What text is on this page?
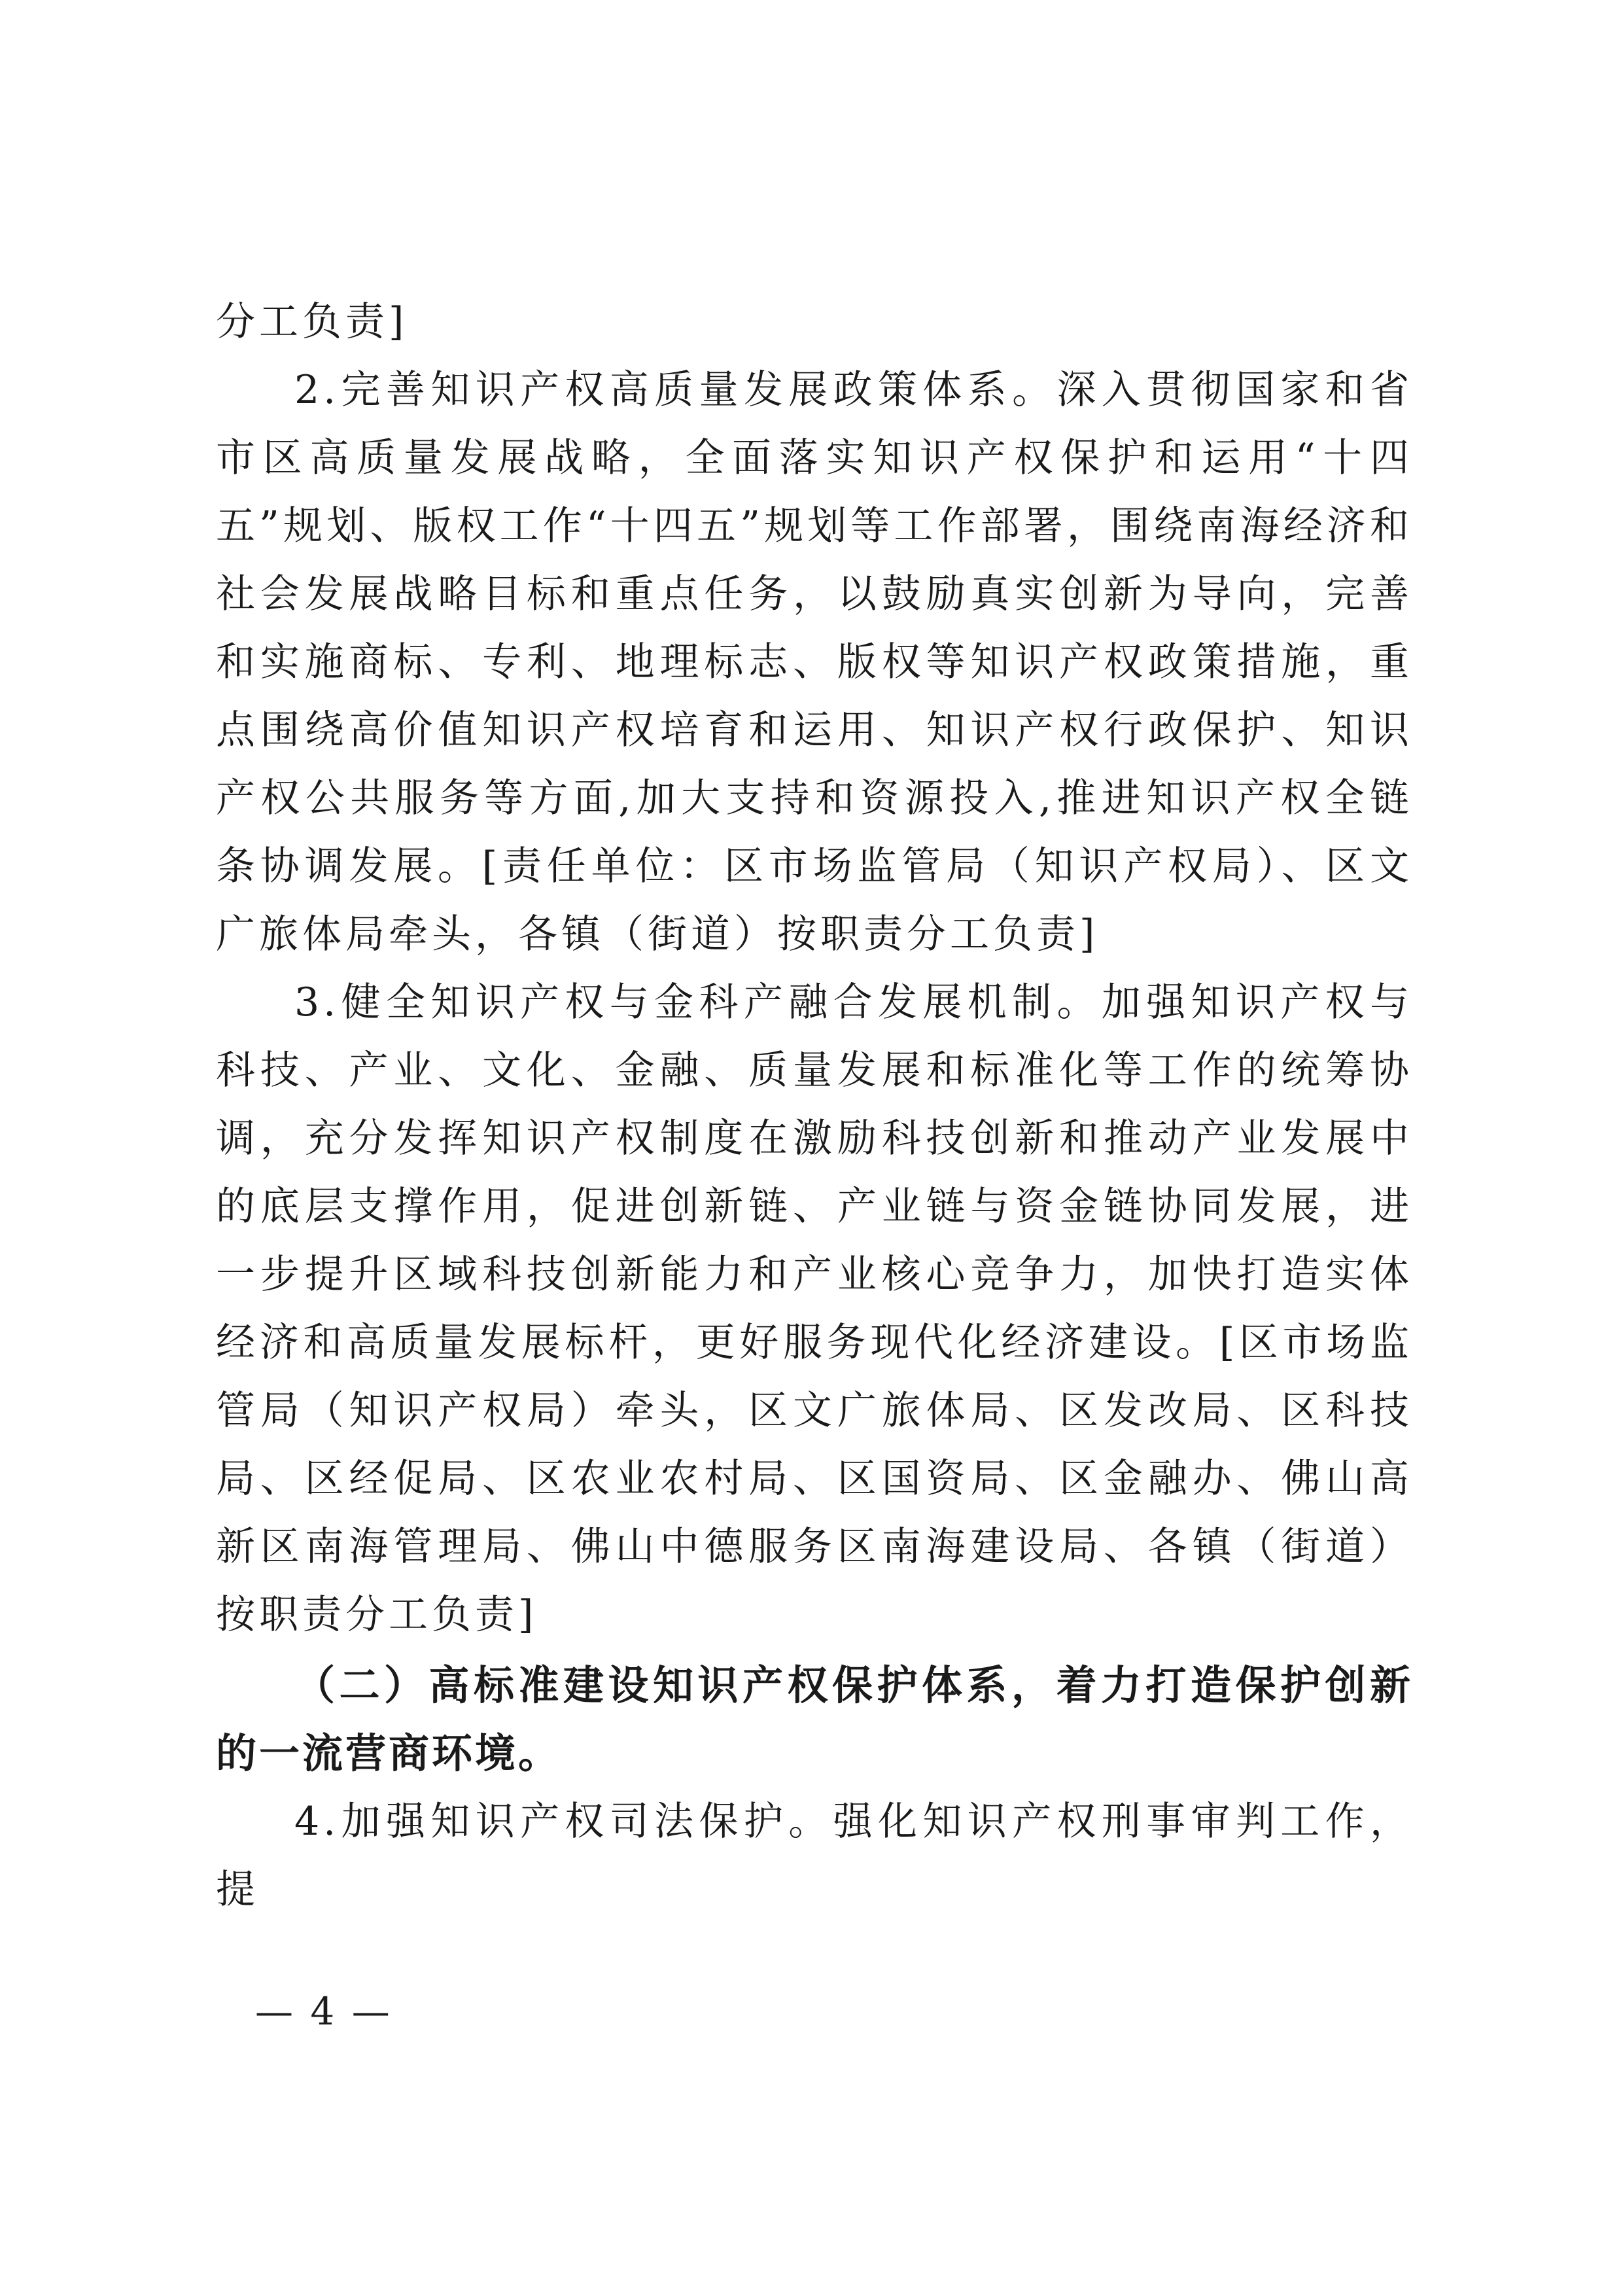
分工负责]

2.完善知识产权高质量发展政策体系。深入贯彻国家和省市区高质量发展战略，全面落实知识产权保护和运用“十四五”规划、版权工作“十四五”规划等工作部署，围绕南海经济和社会发展战略目标和重点任务，以鼓励真实创新为导向，完善和实施商标、专利、地理标志、版权等知识产权政策措施，重点围绕高价值知识产权培育和运用、知识产权行政保护、知识产权公共服务等方面,加大支持和资源投入,推进知识产权全链条协调发展。[责任单位：区市场监管局（知识产权局）、区文广旅体局牵头，各镇（街道）按职责分工负责]

3.健全知识产权与金科产融合发展机制。加强知识产权与科技、产业、文化、金融、质量发展和标准化等工作的统筹协调，充分发挥知识产权制度在激励科技创新和推动产业发展中的底层支撑作用，促进创新链、产业链与资金链协同发展，进一步提升区域科技创新能力和产业核心竞争力，加快打造实体经济和高质量发展标杆，更好服务现代化经济建设。[区市场监管局（知识产权局）牵头，区文广旅体局、区发改局、区科技局、区经促局、区农业农村局、区国资局、区金融办、佛山高新区南海管理局、佛山中德服务区南海建设局、各镇（街道）按职责分工负责]

（二）高标准建设知识产权保护体系，着力打造保护创新的一流营商环境。

4.加强知识产权司法保护。强化知识产权刑事审判工作，提

— 4 —
